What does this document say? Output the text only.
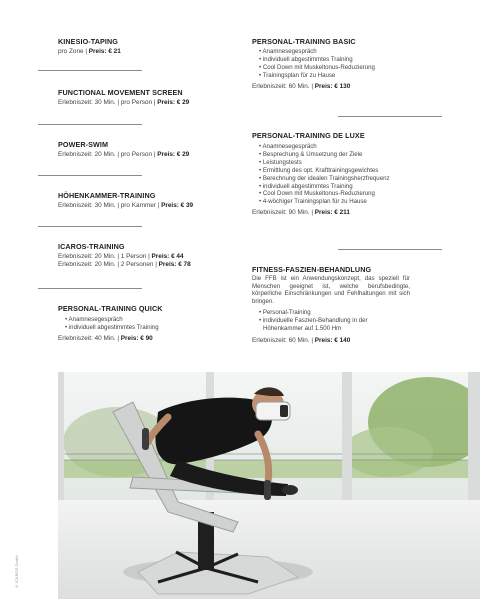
KINESIO-TAPING

pro Zone | Preis: € 21

FUNCTIONAL MOVEMENT SCREEN

Erlebniszeit: 30 Min. | pro Person | Preis: € 29

POWER-SWIM

Erlebniszeit: 20 Min. | pro Person | Preis: € 29

HÖHENKAMMER-TRAINING

Erlebniszeit: 30 Min. | pro Kammer | Preis: € 39

ICAROS-TRAINING

Erlebniszeit: 20 Min. | 1 Person | Preis: € 44

Erlebniszeit: 20 Min. | 2 Personen | Preis: € 78

PERSONAL-TRAINING QUICK

• Anamnesegespräch
• individuell abgestimmtes Training

Erlebniszeit: 40 Min. | Preis: € 90

PERSONAL-TRAINING BASIC

• Anamnesegespräch
• individuell abgestimmtes Training
• Cool Down mit Muskeltonus-Reduzierung
• Trainingsplan für zu Hause

Erlebniszeit: 60 Min. | Preis: € 130

PERSONAL-TRAINING DE LUXE

• Anamnesegespräch
• Besprechung & Umsetzung der Ziele
• Leistungstests
• Ermittlung des opt. Krafttrainingsgewichtes
• Berechnung der idealen Trainingsherzfrequenz
• individuell abgestimmtes Training
• Cool Down mit Muskeltonus-Reduzierung
• 4-wöchiger Trainingsplan für zu Hause

Erlebniszeit: 90 Min. | Preis: € 211

FITNESS-FASZIEN-BEHANDLUNG

Die FFB ist ein Anwendungskonzept, das speziell für Menschen geeignet ist, welche berufsbedingte, körperliche Einschränkungen und Fehlhaltungen mit sich bringen.

• Personal-Training
• individuelle Faszien-Behandlung in der Höhenkammer auf 1.500 Hm

Erlebniszeit: 60 Min. | Preis: € 140

© ICAROS GmbH
